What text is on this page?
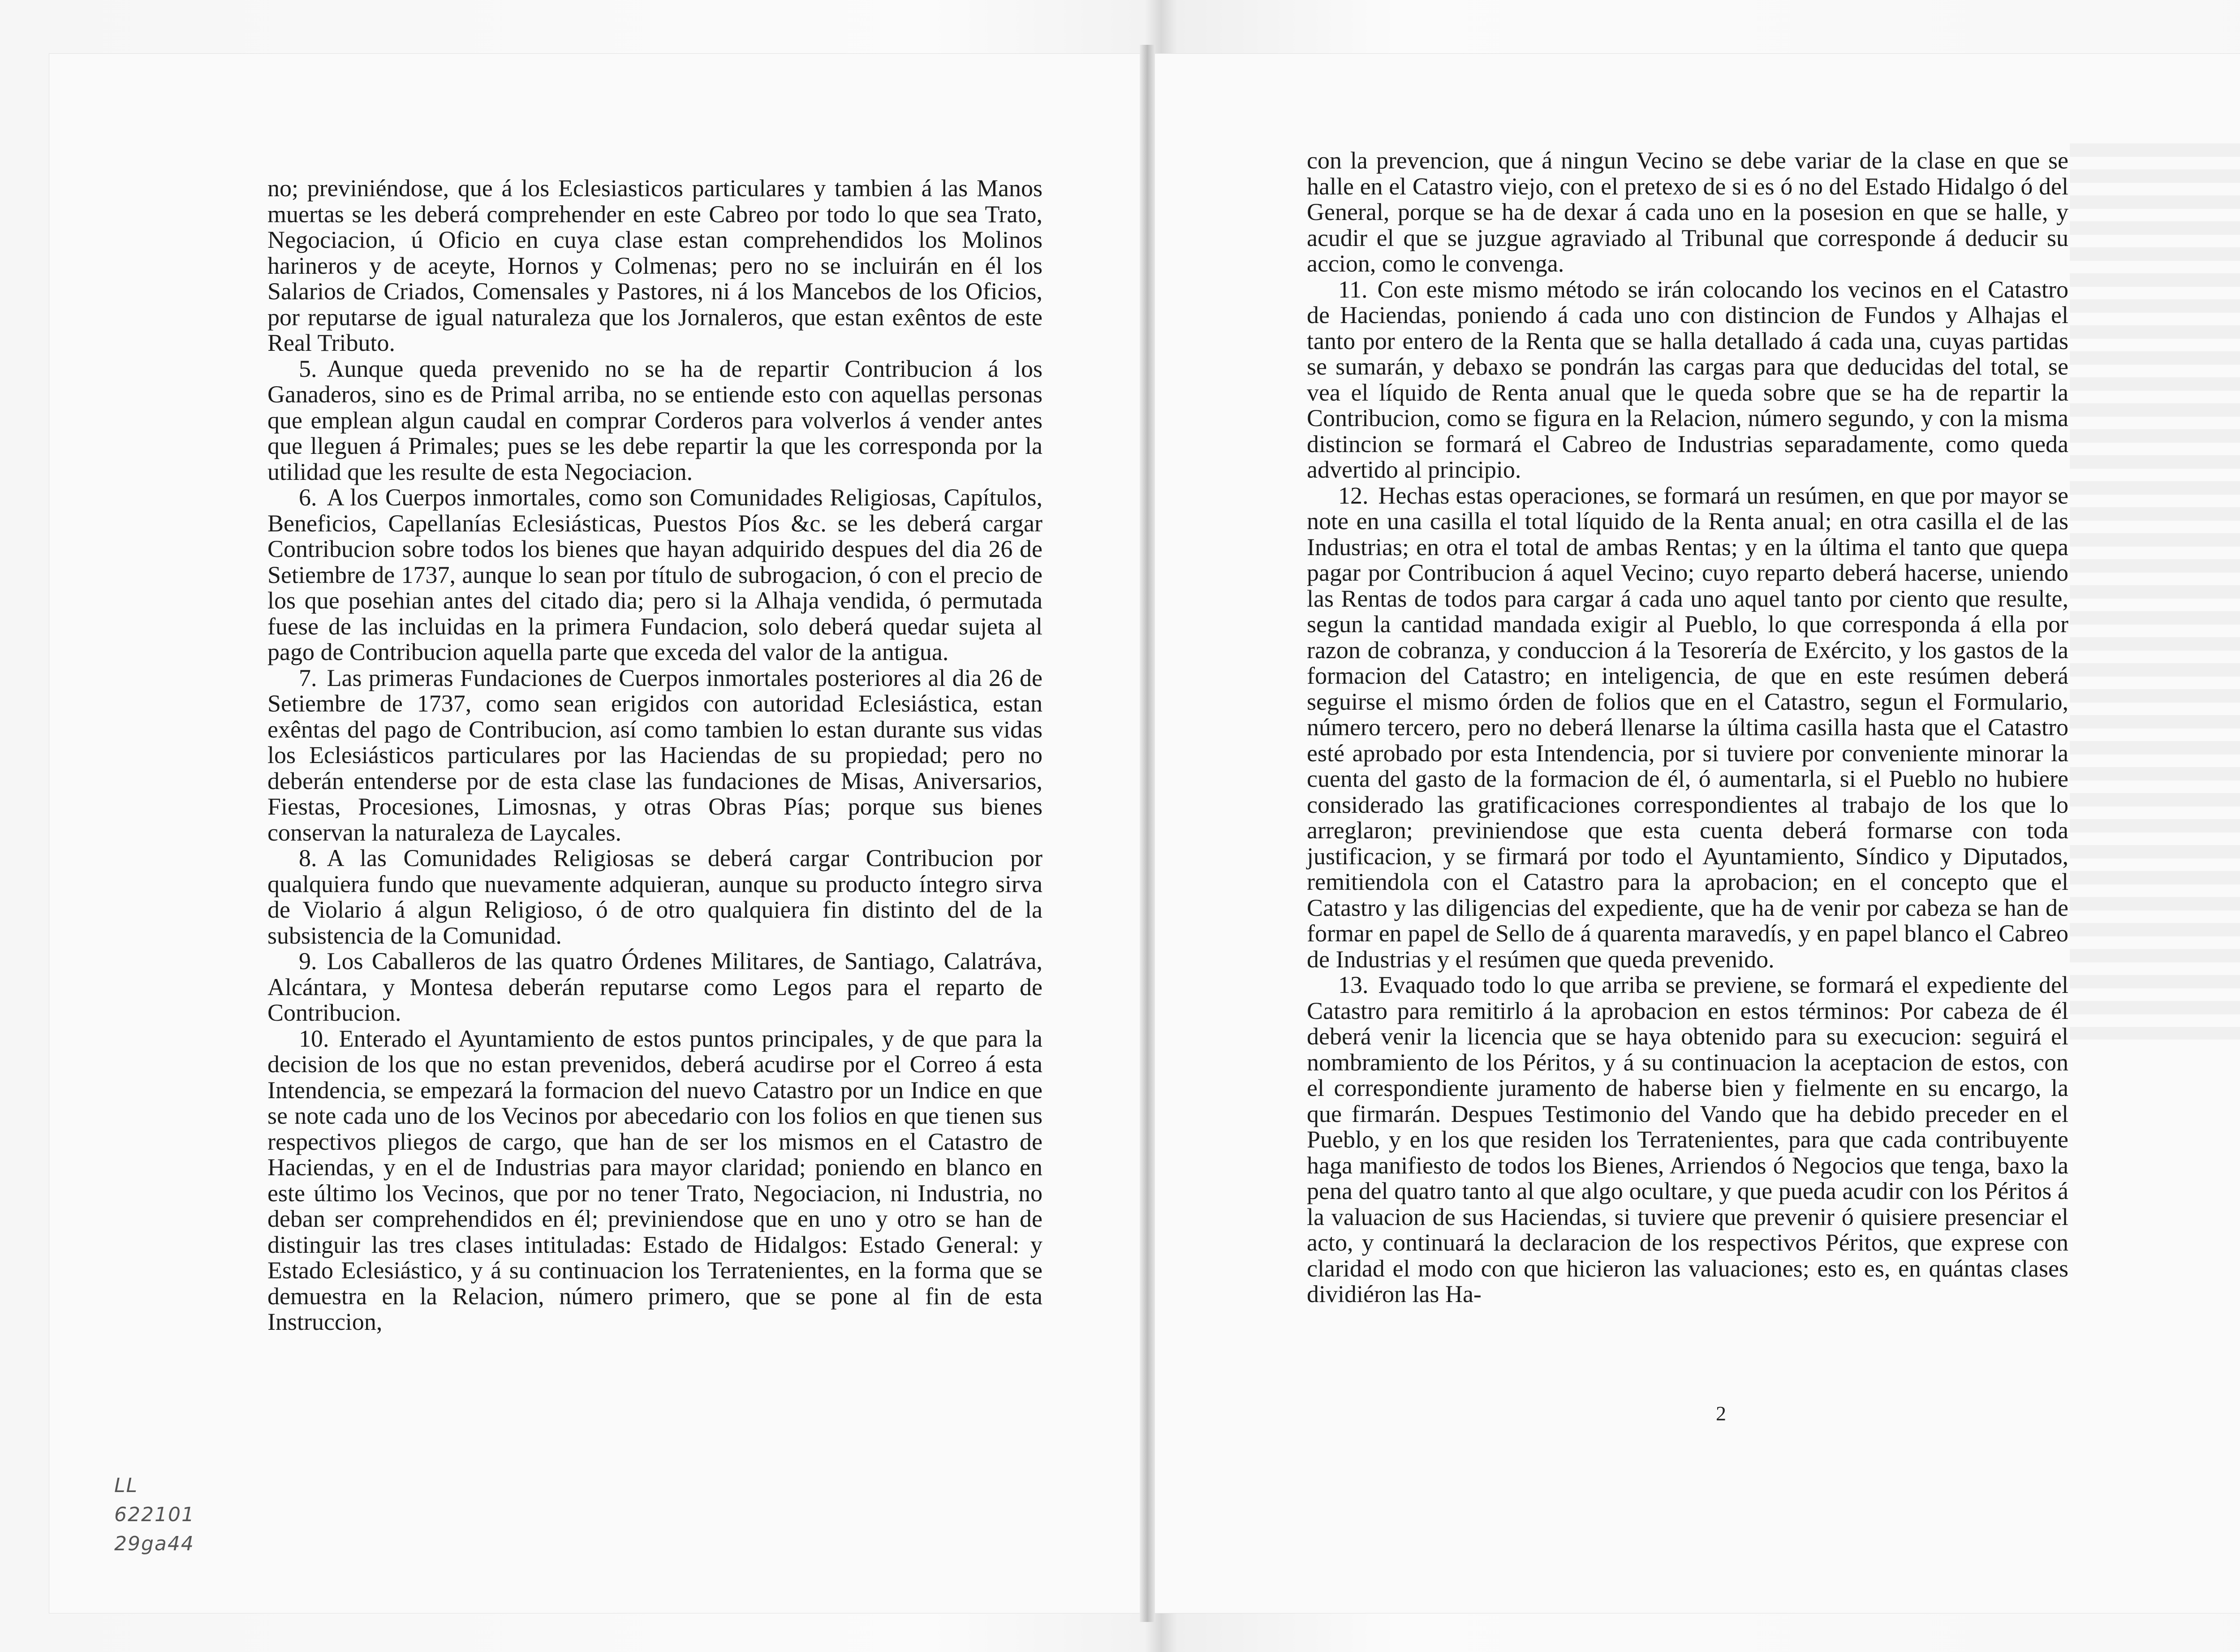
no; previniéndose, que á los Eclesiasticos particulares y tambien á las Manos muertas se les deberá comprehender en este Cabreo por todo lo que sea Trato, Negociacion, ú Oficio en cuya clase estan comprehendidos los Molinos harineros y de aceyte, Hornos y Colmenas; pero no se incluirán en él los Salarios de Criados, Comensales y Pastores, ni á los Mancebos de los Oficios, por reputarse de igual naturaleza que los Jornaleros, que estan exêntos de este Real Tributo.

5. Aunque queda prevenido no se ha de repartir Contribucion á los Ganaderos, sino es de Primal arriba, no se entiende esto con aquellas personas que emplean algun caudal en comprar Corderos para volverlos á vender antes que lleguen á Primales; pues se les debe repartir la que les corresponda por la utilidad que les resulte de esta Negociacion.

6. A los Cuerpos inmortales, como son Comunidades Religiosas, Capítulos, Beneficios, Capellanías Eclesiásticas, Puestos Píos &c. se les deberá cargar Contribucion sobre todos los bienes que hayan adquirido despues del dia 26 de Setiembre de 1737, aunque lo sean por título de subrogacion, ó con el precio de los que posehian antes del citado dia; pero si la Alhaja vendida, ó permutada fuese de las incluidas en la primera Fundacion, solo deberá quedar sujeta al pago de Contribucion aquella parte que exceda del valor de la antigua.

7. Las primeras Fundaciones de Cuerpos inmortales posteriores al dia 26 de Setiembre de 1737, como sean erigidos con autoridad Eclesiástica, estan exêntas del pago de Contribucion, así como tambien lo estan durante sus vidas los Eclesiásticos particulares por las Haciendas de su propiedad; pero no deberán entenderse por de esta clase las fundaciones de Misas, Aniversarios, Fiestas, Procesiones, Limosnas, y otras Obras Pías; porque sus bienes conservan la naturaleza de Laycales.

8. A las Comunidades Religiosas se deberá cargar Contribucion por qualquiera fundo que nuevamente adquieran, aunque su producto íntegro sirva de Violario á algun Religioso, ó de otro qualquiera fin distinto del de la subsistencia de la Comunidad.

9. Los Caballeros de las quatro Órdenes Militares, de Santiago, Calatráva, Alcántara, y Montesa deberán reputarse como Legos para el reparto de Contribucion.

10. Enterado el Ayuntamiento de estos puntos principales, y de que para la decision de los que no estan prevenidos, deberá acudirse por el Correo á esta Intendencia, se empezará la formacion del nuevo Catastro por un Indice en que se note cada uno de los Vecinos por abecedario con los folios en que tienen sus respectivos pliegos de cargo, que han de ser los mismos en el Catastro de Haciendas, y en el de Industrias para mayor claridad; poniendo en blanco en este último los Vecinos, que por no tener Trato, Negociacion, ni Industria, no deban ser comprehendidos en él; previniendose que en uno y otro se han de distinguir las tres clases intituladas: Estado de Hidalgos: Estado General: y Estado Eclesiástico, y á su continuacion los Terratenientes, en la forma que se demuestra en la Relacion, número primero, que se pone al fin de esta Instruccion,

con la prevencion, que á ningun Vecino se debe variar de la clase en que se halle en el Catastro viejo, con el pretexo de si es ó no del Estado Hidalgo ó del General, porque se ha de dexar á cada uno en la posesion en que se halle, y acudir el que se juzgue agraviado al Tribunal que corresponde á deducir su accion, como le convenga.

11. Con este mismo método se irán colocando los vecinos en el Catastro de Haciendas, poniendo á cada uno con distincion de Fundos y Alhajas el tanto por entero de la Renta que se halla detallado á cada una, cuyas partidas se sumarán, y debaxo se pondrán las cargas para que deducidas del total, se vea el líquido de Renta anual que le queda sobre que se ha de repartir la Contribucion, como se figura en la Relacion, número segundo, y con la misma distincion se formará el Cabreo de Industrias separadamente, como queda advertido al principio.

12. Hechas estas operaciones, se formará un resúmen, en que por mayor se note en una casilla el total líquido de la Renta anual; en otra casilla el de las Industrias; en otra el total de ambas Rentas; y en la última el tanto que quepa pagar por Contribucion á aquel Vecino; cuyo reparto deberá hacerse, uniendo las Rentas de todos para cargar á cada uno aquel tanto por ciento que resulte, segun la cantidad mandada exigir al Pueblo, lo que corresponda á ella por razon de cobranza, y conduccion á la Tesorería de Exército, y los gastos de la formacion del Catastro; en inteligencia, de que en este resúmen deberá seguirse el mismo órden de folios que en el Catastro, segun el Formulario, número tercero, pero no deberá llenarse la última casilla hasta que el Catastro esté aprobado por esta Intendencia, por si tuviere por conveniente minorar la cuenta del gasto de la formacion de él, ó aumentarla, si el Pueblo no hubiere considerado las gratificaciones correspondientes al trabajo de los que lo arreglaron; previniendose que esta cuenta deberá formarse con toda justificacion, y se firmará por todo el Ayuntamiento, Síndico y Diputados, remitiendola con el Catastro para la aprobacion; en el concepto que el Catastro y las diligencias del expediente, que ha de venir por cabeza se han de formar en papel de Sello de á quarenta maravedís, y en papel blanco el Cabreo de Industrias y el resúmen que queda prevenido.

13. Evaquado todo lo que arriba se previene, se formará el expediente del Catastro para remitirlo á la aprobacion en estos términos: Por cabeza de él deberá venir la licencia que se haya obtenido para su execucion: seguirá el nombramiento de los Péritos, y á su continuacion la aceptacion de estos, con el correspondiente juramento de haberse bien y fielmente en su encargo, la que firmarán. Despues Testimonio del Vando que ha debido preceder en el Pueblo, y en los que residen los Terratenientes, para que cada contribuyente haga manifiesto de todos los Bienes, Arriendos ó Negocios que tenga, baxo la pena del quatro tanto al que algo ocultare, y que pueda acudir con los Péritos á la valuacion de sus Haciendas, si tuviere que prevenir ó quisiere presenciar el acto, y continuará la declaracion de los respectivos Péritos, que exprese con claridad el modo con que hicieron las valuaciones; esto es, en quántas clases dividiéron las Ha-

2
LL
622101
29ga44
